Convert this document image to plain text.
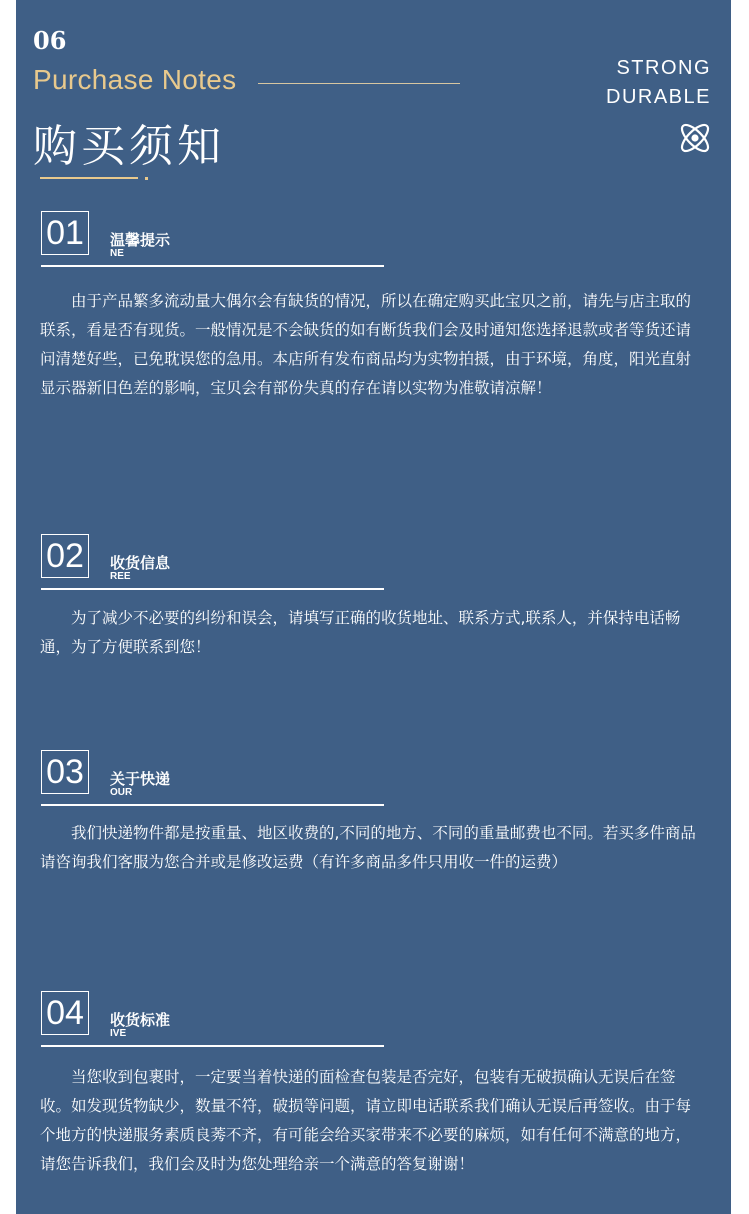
06
Purchase Notes
购买须知
STRONG
DURABLE
01	温馨提示
NE
由于产品繁多流动量大偶尔会有缺货的情况，所以在确定购买此宝贝之前，请先与店主取的联系，看是否有现货。一般情况是不会缺货的如有断货我们会及时通知您选择退款或者等货还请问清楚好些，已免耽误您的急用。本店所有发布商品均为实物拍摄，由于环境，角度，阳光直射显示器新旧色差的影响，宝贝会有部份失真的存在请以实物为准敬请凉解！
02	收货信息
REE
为了减少不必要的纠纷和误会，请填写正确的收货地址、联系方式,联系人，并保持电话畅通，为了方便联系到您！
03	关于快递
OUR
我们快递物件都是按重量、地区收费的,不同的地方、不同的重量邮费也不同。若买多件商品请咨询我们客服为您合并或是修改运费（有许多商品多件只用收一件的运费）
04	收货标准
IVE
当您收到包裹时，一定要当着快递的面检查包装是否完好，包装有无破损确认无误后在签收。如发现货物缺少，数量不符，破损等问题，请立即电话联系我们确认无误后再签收。由于每个地方的快递服务素质良莠不齐，有可能会给买家带来不必要的麻烦，如有任何不满意的地方，请您告诉我们，我们会及时为您处理给亲一个满意的答复谢谢！
